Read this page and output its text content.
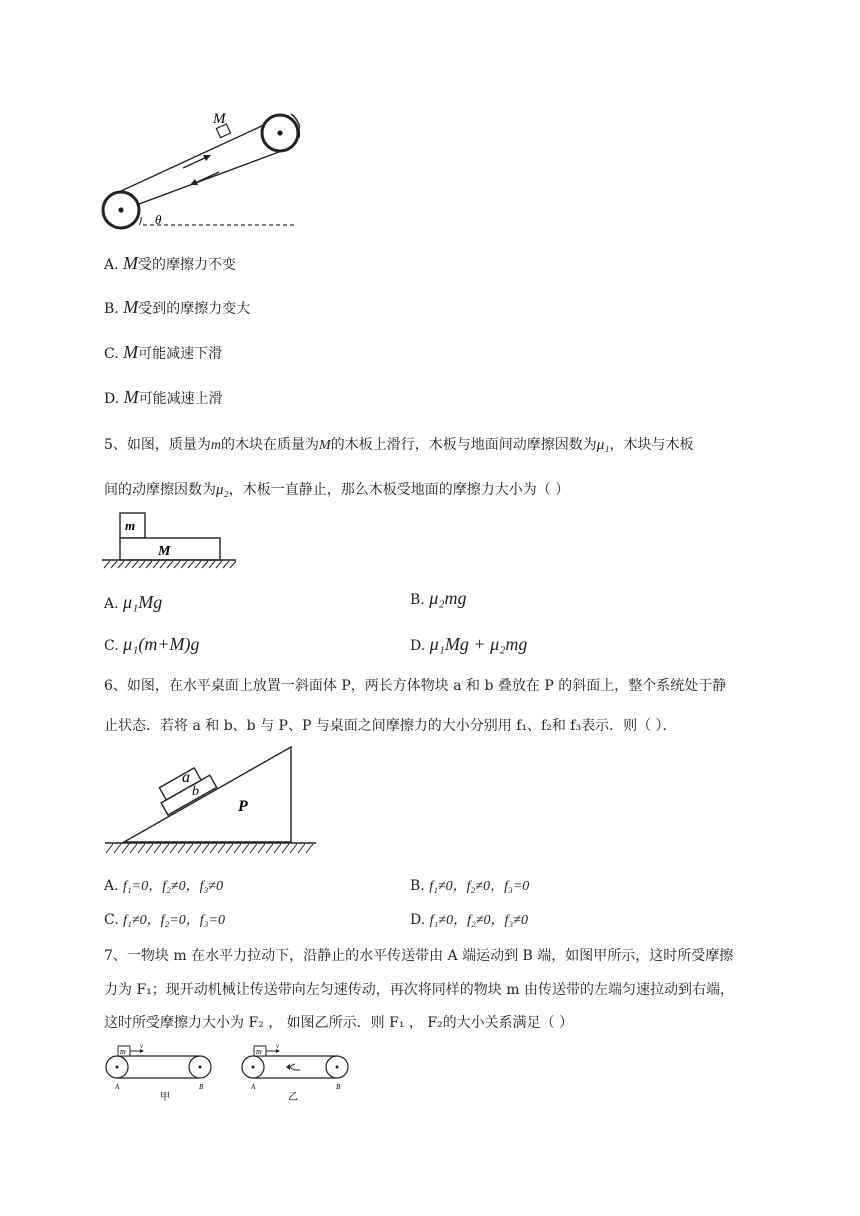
M
θ
A. M受的摩擦力不变
B. M受到的摩擦力变大
C. M可能减速下滑
D. M可能减速上滑
5、如图，质量为m的木块在质量为M的木板上滑行，木板与地面间动摩擦因数为μ₁，木块与木板
间的动摩擦因数为μ₂，木板一直静止，那么木板受地面的摩擦力大小为（ ）
m
M
A. μ₁Mg	B. μ₂mg
C. μ₁(m+M)g	D. μ₁Mg + μ₂mg
6、如图，在水平桌面上放置一斜面体 P，两长方体物块 a 和 b 叠放在 P 的斜面上，整个系统处于静
止状态．若将 a 和 b、b 与 P、P 与桌面之间摩擦力的大小分别用 f₁、f₂和 f₃表示．则（ ）．
a
b
P
A. f₁=0，f₂≠0，f₃≠0	B. f₁≠0，f₂≠0，f₃=0
C. f₁≠0，f₂=0，f₃=0	D. f₁≠0，f₂≠0，f₃≠0
7、一物块 m 在水平力拉动下，沿静止的水平传送带由 A 端运动到 B 端，如图甲所示，这时所受摩擦
力为 F₁；现开动机械让传送带向左匀速传动，再次将同样的物块 m 由传送带的左端匀速拉动到右端，
这时所受摩擦力大小为 F₂ ， 如图乙所示．则 F₁ ， F₂的大小关系满足（ ）
m
v
A	B
甲
m
v
A	B
乙
